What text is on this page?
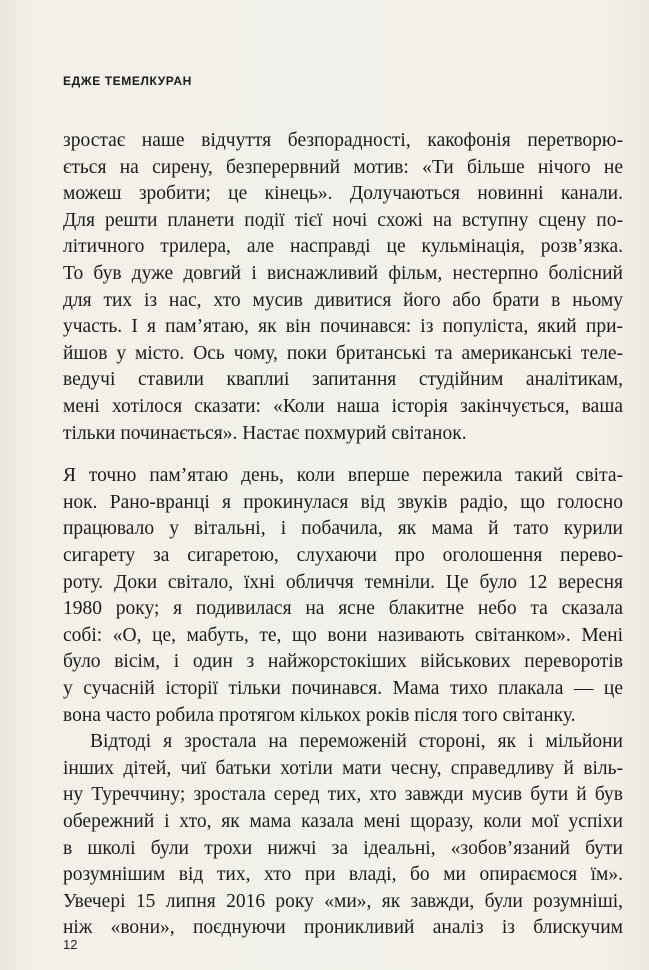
ЕДЖЕ ТЕМЕЛКУРАН
зростає наше відчуття безпорадності, какофонія перетворю-
ється на сирену, безперервний мотив: «Ти більше нічого не
можеш зробити; це кінець». Долучаються новинні канали.
Для решти планети події тієї ночі схожі на вступну сцену по-
літичного трилера, але насправді це кульмінація, розв’язка.
То був дуже довгий і виснажливий фільм, нестерпно болісний
для тих із нас, хто мусив дивитися його або брати в ньому
участь. І я пам’ятаю, як він починався: із популіста, який при-
йшов у місто. Ось чому, поки британські та американські теле-
ведучі ставили кваплиі запитання студійним аналітикам,
мені хотілося сказати: «Коли наша історія закінчується, ваша
тільки починається». Настає похмурий світанок.
Я точно пам’ятаю день, коли вперше пережила такий світа-
нок. Рано-вранці я прокинулася від звуків радіо, що голосно
працювало у вітальні, і побачила, як мама й тато курили
сигарету за сигаретою, слухаючи про оголошення перево-
роту. Доки світало, їхні обличчя темніли. Це було 12 вересня
1980 року; я подивилася на ясне блакитне небо та сказала
собі: «О, це, мабуть, те, що вони називають світанком». Мені
було вісім, і один з найжорстокіших військових переворотів
у сучасній історії тільки починався. Мама тихо плакала — це
вона часто робила протягом кількох років після того світанку.
Відтоді я зростала на переможеній стороні, як і мільйони
інших дітей, чиї батьки хотіли мати чесну, справедливу й віль-
ну Туреччину; зростала серед тих, хто завжди мусив бути й був
обережний і хто, як мама казала мені щоразу, коли мої успіхи
в школі були трохи нижчі за ідеальні, «зобов’язаний бути
розумнішим від тих, хто при владі, бо ми опираємося їм».
Увечері 15 липня 2016 року «ми», як завжди, були розумніші,
ніж «вони», поєднуючи проникливий аналіз із блискучим
12
